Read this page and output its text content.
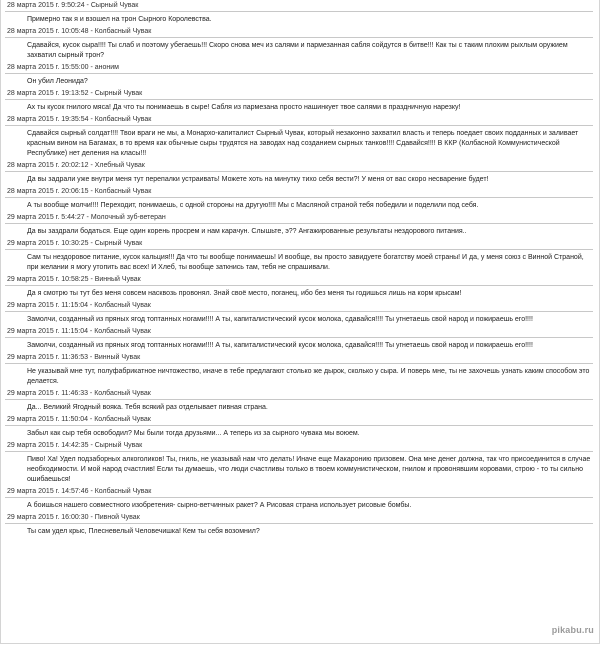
28 марта 2015 г. 9:50:24 - Сырный Чувак
Примерно так я и взошел на трон Сырного Королевства.
28 марта 2015 г. 10:05:48 - Колбасный Чувак
Сдавайся, кусок сыра!!!! Ты слаб и поэтому убегаешь!!! Скоро снова меч из салями и пармезанная сабля сойдутся в битве!!! Как ты с таким плохим рыхлым оружием захватил сырный трон?
28 марта 2015 г. 15:55:00 - аноним
Он убил Леонида?
28 марта 2015 г. 19:13:52 - Сырный Чувак
Ах ты кусок гнилого мяса! Да что ты понимаешь в сыре! Сабля из пармезана просто нашинкует твое салями в праздничную нарезку!
28 марта 2015 г. 19:35:54 - Колбасный Чувак
Сдавайся сырный солдат!!!! Твои враги не мы, а Монархо-капиталист Сырный Чувак, который незаконно захватил власть и теперь поедает своих подданных и заливает красным вином на Багамах, в то время как обычные сыры трудятся на заводах над созданием сырных танков!!!! Сдавайся!!!! В ККР (Колбасной Коммунистической Республике) нет деления на класы!!!
28 марта 2015 г. 20:02:12 - Хлебный Чувак
Да вы задрали уже внутри меня тут перепалки устраивать! Можете хоть на минутку тихо себя вести?! У меня от вас скоро несварение будет!
28 марта 2015 г. 20:06:15 - Колбасный Чувак
А ты вообще молчи!!!! Переходит, понимаешь, с одной стороны на другую!!!! Мы с Масляной страной тебя победили и поделили под себя.
29 марта 2015 г. 5:44:27 - Молочный зуб-ветеран
Да вы заздрали бодаться. Еще один корень просрем и нам карачун. Слышьте, э?? Ангажированные результаты нездорового питания..
29 марта 2015 г. 10:30:25 - Сырный Чувак
Сам ты нездоровое питание, кусок кальция!!! Да что ты вообще понимаешь! И вообще, вы просто завидуете богатству моей страны! И да, у меня союз с Винной Страной, при желании я могу утопить вас всех! И Хлеб, ты вообще заткнись там, тебя не спрашивали.
29 марта 2015 г. 10:58:25 - Винный Чувак
Да я смотрю ты тут без меня совсем насквозь провонял. Знай своё место, поганец, ибо без меня ты годишься лишь на корм крысам!
29 марта 2015 г. 11:15:04 - Колбасный Чувак
Замолчи, созданный из пряных ягод топтанных ногами!!!! А ты, капиталистический кусок молока, сдавайся!!!! Ты угнетаешь свой народ и пожираешь его!!!!
29 марта 2015 г. 11:15:04 - Колбасный Чувак
Замолчи, созданный из пряных ягод топтанных ногами!!!! А ты, капиталистический кусок молока, сдавайся!!!! Ты угнетаешь свой народ и пожираешь его!!!!
29 марта 2015 г. 11:36:53 - Винный Чувак
Не указывай мне тут, полуфабрикатное ничтожество, иначе в тебе предлагают столько же дырок, сколько у сыра. И поверь мне, ты не захочешь узнать каким способом это делается.
29 марта 2015 г. 11:46:33 - Колбасный Чувак
Да... Великий Ягодный вояка. Тебя всякий раз отделывает пивная страна.
29 марта 2015 г. 11:50:04 - Колбасный Чувак
Забыл как сыр тебя освободил? Мы были тогда друзьями... А теперь из за сырного чувака мы воюем.
29 марта 2015 г. 14:42:35 - Сырный Чувак
Пиво! Ха! Удел подзаборных алкоголиков! Ты, гниль, не указывай нам что делать! Иначе еще Макаронию призовем. Она мне денег должна, так что присоединится в случае необходимости. И мой народ счастлив! Если ты думаешь, что люди счастливы только в твоем коммунистическом, гнилом и провонявшим коровами, строю - то ты сильно ошибаешься!
29 марта 2015 г. 14:57:46 - Колбасный Чувак
А боишься нашего совместного изобретения- сырно-ветчинных ракет? А Рисовая страна использует рисовые бомбы.
29 марта 2015 г. 16:00:30 - Пивной Чувак
Ты сам удел крыс, Плесневелый Человечишка! Кем ты себя возомнил?
pikabu.ru
